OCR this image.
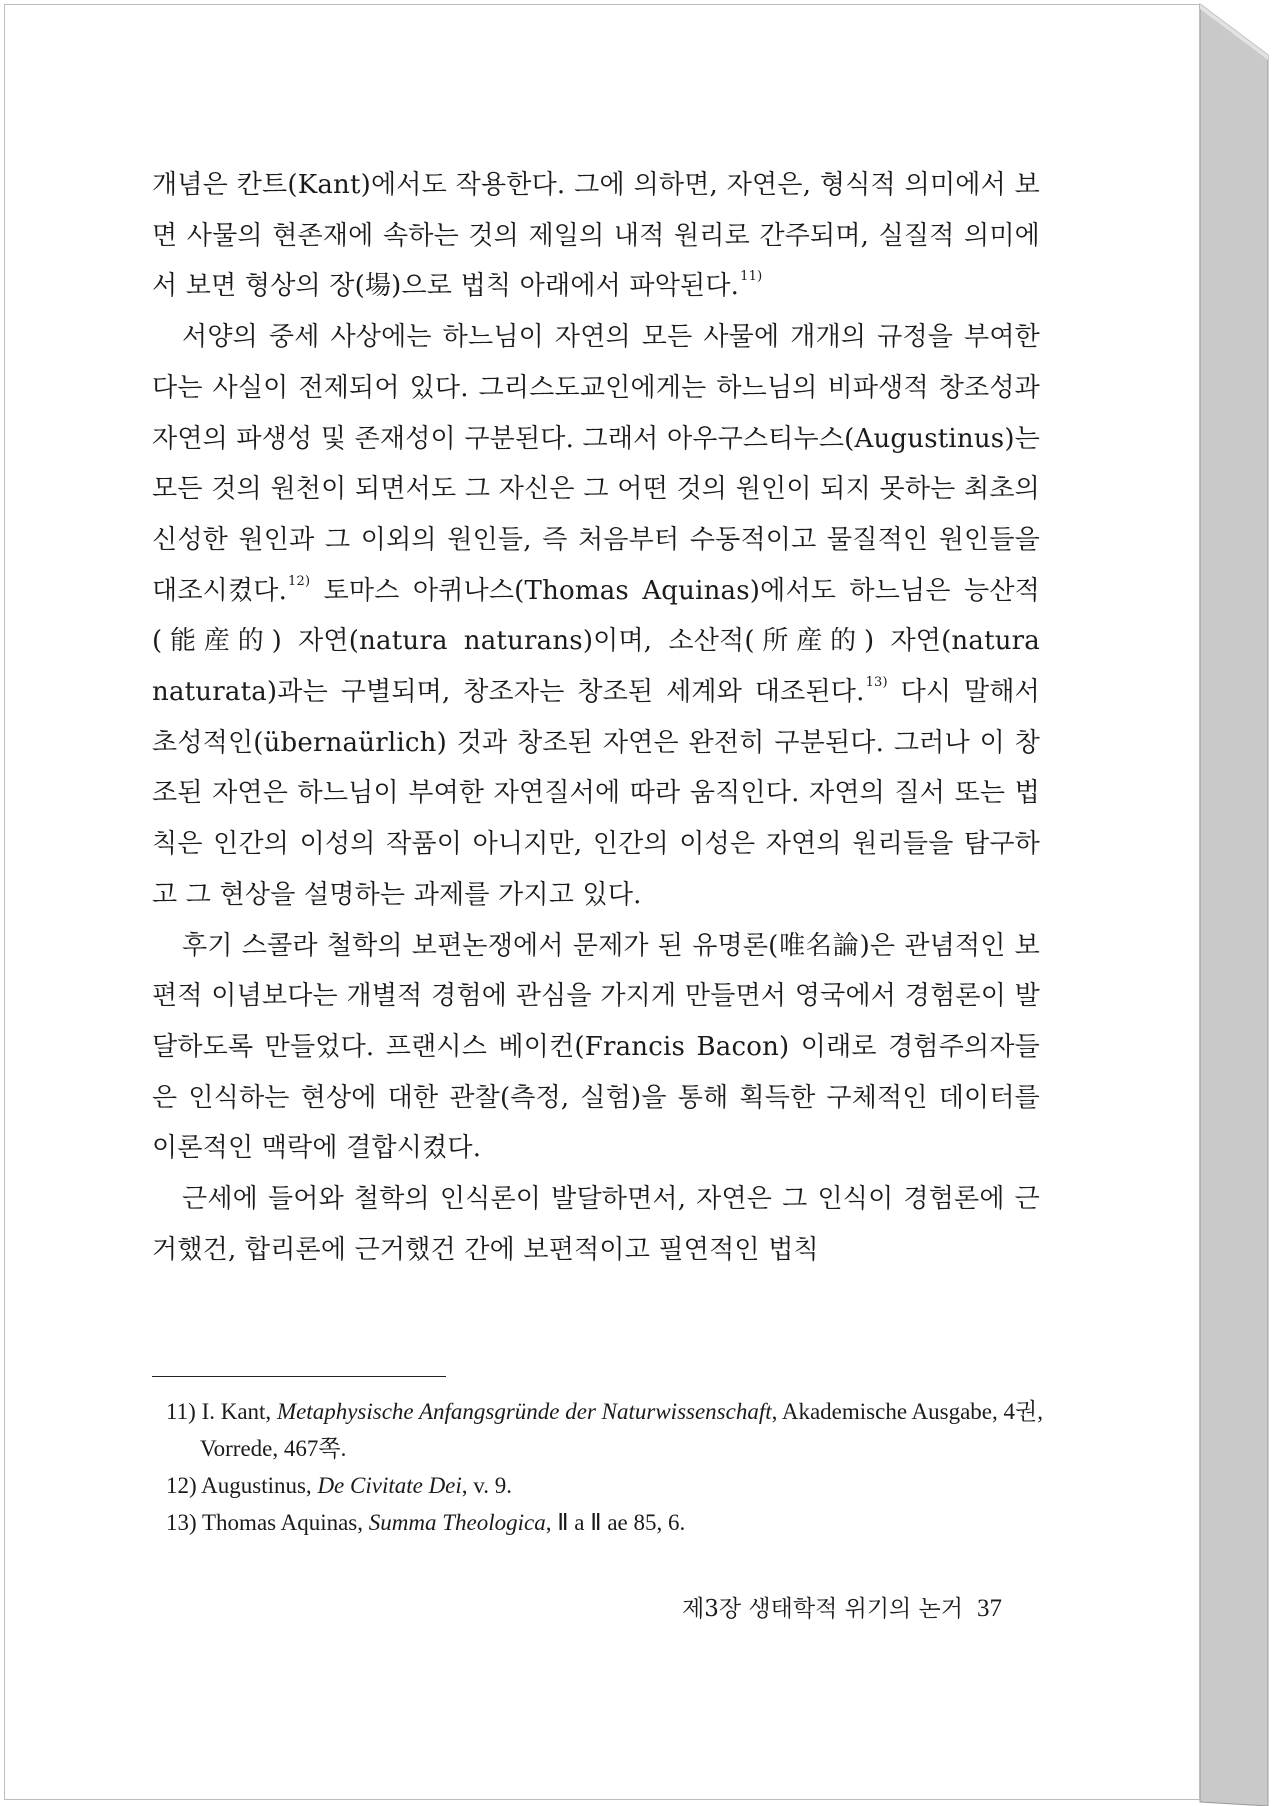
개념은 칸트(Kant)에서도 작용한다. 그에 의하면, 자연은, 형식적 의미에서 보면 사물의 현존재에 속하는 것의 제일의 내적 원리로 간주되며, 실질적 의미에서 보면 형상의 장(場)으로 법칙 아래에서 파악된다.$^{11)}$

서양의 중세 사상에는 하느님이 자연의 모든 사물에 개개의 규정을 부여한다는 사실이 전제되어 있다. 그리스도교인에게는 하느님의 비파생적 창조성과 자연의 파생성 및 존재성이 구분된다. 그래서 아우구스티누스(Augustinus)는 모든 것의 원천이 되면서도 그 자신은 그 어떤 것의 원인이 되지 못하는 최초의 신성한 원인과 그 이외의 원인들, 즉 처음부터 수동적이고 물질적인 원인들을 대조시켰다.$^{12)}$ 토마스 아퀴나스(Thomas Aquinas)에서도 하느님은 능산적(能産的) 자연(natura naturans)이며, 소산적(所産的) 자연(natura naturata)과는 구별되며, 창조자는 창조된 세계와 대조된다.$^{13)}$ 다시 말해서 초성적인(übernaürlich) 것과 창조된 자연은 완전히 구분된다. 그러나 이 창조된 자연은 하느님이 부여한 자연질서에 따라 움직인다. 자연의 질서 또는 법칙은 인간의 이성의 작품이 아니지만, 인간의 이성은 자연의 원리들을 탐구하고 그 현상을 설명하는 과제를 가지고 있다.

후기 스콜라 철학의 보편논쟁에서 문제가 된 유명론(唯名論)은 관념적인 보편적 이념보다는 개별적 경험에 관심을 가지게 만들면서 영국에서 경험론이 발달하도록 만들었다. 프랜시스 베이컨(Francis Bacon) 이래로 경험주의자들은 인식하는 현상에 대한 관찰(측정, 실험)을 통해 획득한 구체적인 데이터를 이론적인 맥락에 결합시켰다.

근세에 들어와 철학의 인식론이 발달하면서, 자연은 그 인식이 경험론에 근거했건, 합리론에 근거했건 간에 보편적이고 필연적인 법칙

11) I. Kant, Metaphysische Anfangsgründe der Naturwissenschaft, Akademische Ausgabe, 4권, Vorrede, 467쪽.
12) Augustinus, De Civitate Dei, v. 9.
13) Thomas Aquinas, Summa Theologica, Ⅱ a Ⅱ ae 85, 6.
제3장 생태학적 위기의 논거 37
